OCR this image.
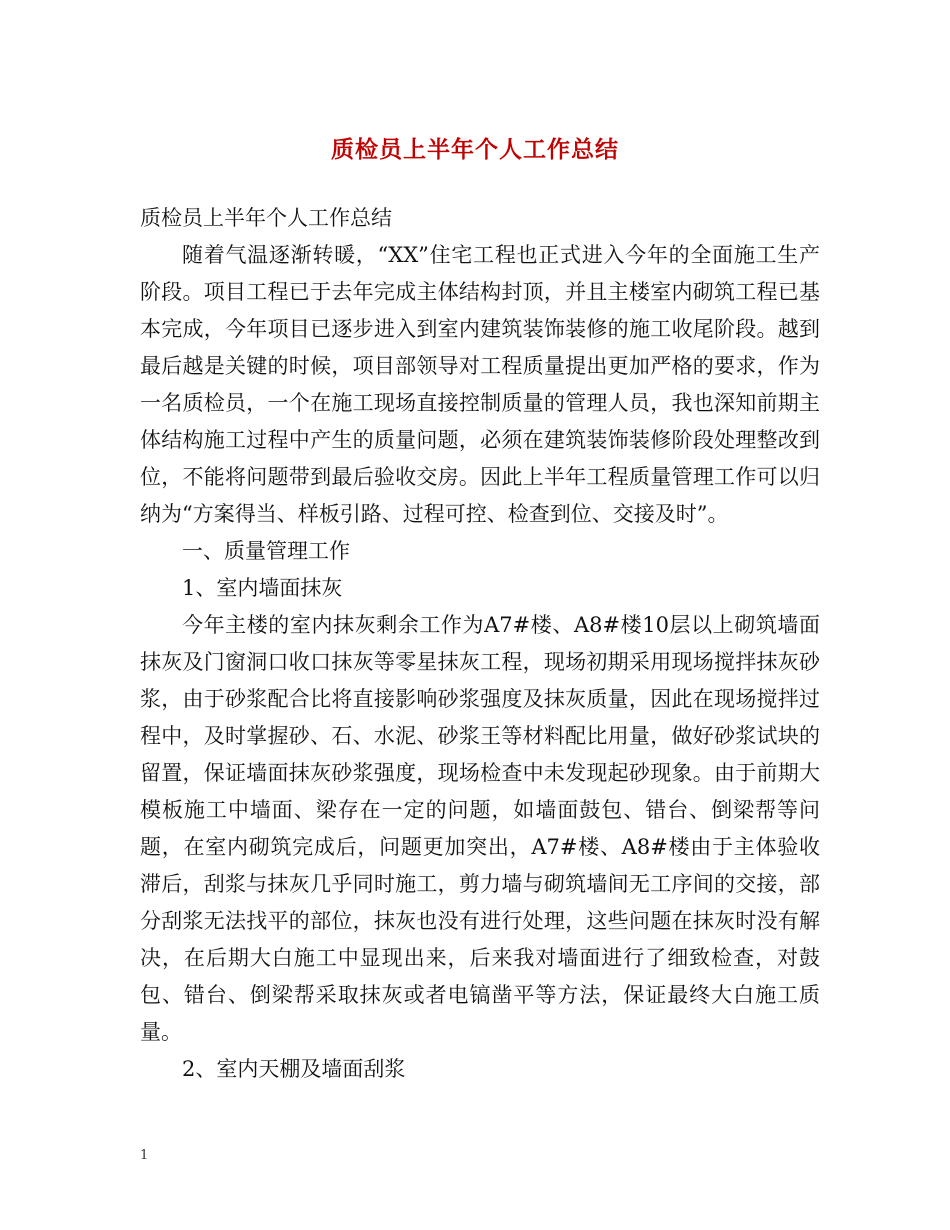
质检员上半年个人工作总结

质检员上半年个人工作总结

随着气温逐渐转暖，“XX”住宅工程也正式进入今年的全面施工生产阶段。项目工程已于去年完成主体结构封顶，并且主楼室内砌筑工程已基本完成，今年项目已逐步进入到室内建筑装饰装修的施工收尾阶段。越到最后越是关键的时候，项目部领导对工程质量提出更加严格的要求，作为一名质检员，一个在施工现场直接控制质量的管理人员，我也深知前期主体结构施工过程中产生的质量问题，必须在建筑装饰装修阶段处理整改到位，不能将问题带到最后验收交房。因此上半年工程质量管理工作可以归纳为“方案得当、样板引路、过程可控、检查到位、交接及时”。

一、质量管理工作

1、室内墙面抹灰

今年主楼的室内抹灰剩余工作为A7#楼、A8#楼10层以上砌筑墙面抹灰及门窗洞口收口抹灰等零星抹灰工程，现场初期采用现场搅拌抹灰砂浆，由于砂浆配合比将直接影响砂浆强度及抹灰质量，因此在现场搅拌过程中，及时掌握砂、石、水泥、砂浆王等材料配比用量，做好砂浆试块的留置，保证墙面抹灰砂浆强度，现场检查中未发现起砂现象。由于前期大模板施工中墙面、梁存在一定的问题，如墙面鼓包、错台、倒梁帮等问题，在室内砌筑完成后，问题更加突出，A7#楼、A8#楼由于主体验收滞后，刮浆与抹灰几乎同时施工，剪力墙与砌筑墙间无工序间的交接，部分刮浆无法找平的部位，抹灰也没有进行处理，这些问题在抹灰时没有解决，在后期大白施工中显现出来，后来我对墙面进行了细致检查，对鼓包、错台、倒梁帮采取抹灰或者电镐凿平等方法，保证最终大白施工质量。

2、室内天棚及墙面刮浆

1
